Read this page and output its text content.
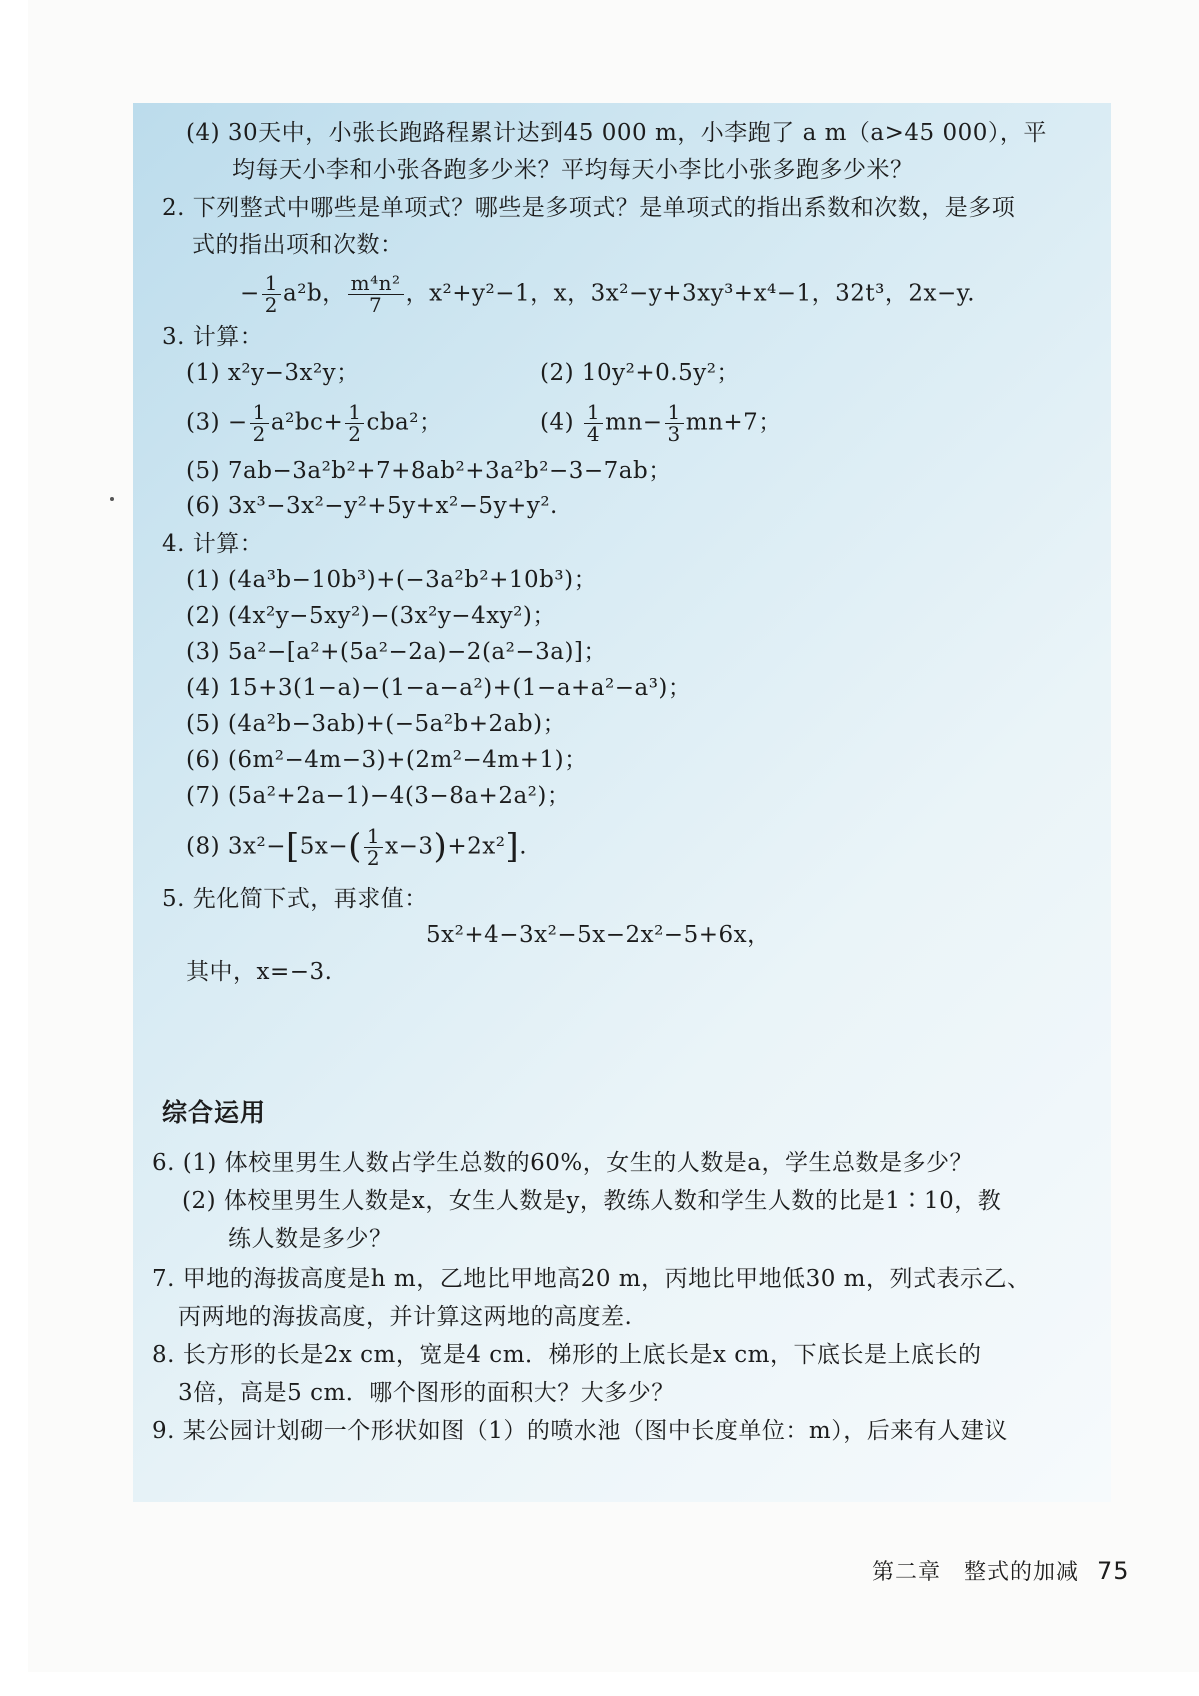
(4) 30天中，小张长跑路程累计达到45 000 m，小李跑了 a m（a>45 000），平
均每天小李和小张各跑多少米？平均每天小李比小张多跑多少米？
2. 下列整式中哪些是单项式？哪些是多项式？是单项式的指出系数和次数，是多项
式的指出项和次数：
− $\frac{1}{2} a^2b$， $\frac{\text{m⁴n²}}{7}$ ，x²+y²−1，x，3x²−y+3xy³+x⁴−1，32t³，2x−y.
3. 计算：
(1) x²y−3x²y；	(2) 10y²+0.5y²；
$(3) - \frac{1}{2} a^2bc+ \frac{1}{2} cba^2$；	$(4) \frac{1}{4} mn- \frac{1}{3} mn+7$；
(5) 7ab−3a²b²+7+8ab²+3a²b²−3−7ab；
(6) 3x³−3x²−y²+5y+x²−5y+y².
4. 计算：
(1) (4a³b−10b³)+(−3a²b²+10b³)；
(2) (4x²y−5xy²)−(3x²y−4xy²)；
(3) 5a²−[a²+(5a²−2a)−2(a²−3a)]；
(4) 15+3(1−a)−(1−a−a²)+(1−a+a²−a³)；
(5) (4a²b−3ab)+(−5a²b+2ab)；
(6) (6m²−4m−3)+(2m²−4m+1)；
(7) (5a²+2a−1)−4(3−8a+2a²)；
(8) $3x^2-[5x-( \frac{1}{2} x-3)+2x^2]$.
5. 先化简下式，再求值：
5x²+4−3x²−5x−2x²−5+6x，
其中，x=−3.
综合运用
6. (1) 体校里男生人数占学生总数的60%，女生的人数是a，学生总数是多少？
(2) 体校里男生人数是x，女生人数是y，教练人数和学生人数的比是1∶10，教
练人数是多少？
7. 甲地的海拔高度是h m，乙地比甲地高20 m，丙地比甲地低30 m，列式表示乙、
丙两地的海拔高度，并计算这两地的高度差.
8. 长方形的长是2x cm，宽是4 cm．梯形的上底长是x cm，下底长是上底长的
3倍，高是5 cm．哪个图形的面积大？大多少？
9. 某公园计划砌一个形状如图（1）的喷水池（图中长度单位：m），后来有人建议
第二章　整式的加减 75
